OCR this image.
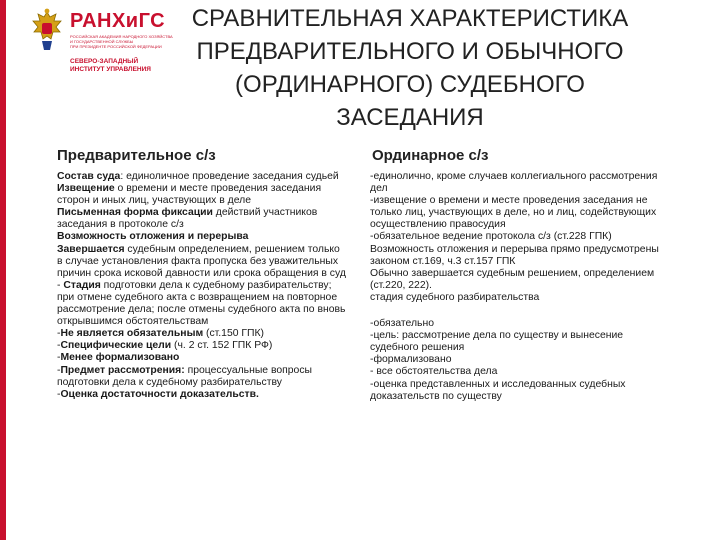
РАНХиГС
РОССИЙСКАЯ АКАДЕМИЯ НАРОДНОГО ХОЗЯЙСТВА
И ГОСУДАРСТВЕННОЙ СЛУЖБЫ
ПРИ ПРЕЗИДЕНТЕ РОССИЙСКОЙ ФЕДЕРАЦИИ
СЕВЕРО-ЗАПАДНЫЙ
ИНСТИТУТ УПРАВЛЕНИЯ
СРАВНИТЕЛЬНАЯ ХАРАКТЕРИСТИКА
ПРЕДВАРИТЕЛЬНОГО И ОБЫЧНОГО
(ОРДИНАРНОГО) СУДЕБНОГО
ЗАСЕДАНИЯ
Предварительное с/з	Ординарное с/з
Состав суда: единоличное проведение заседания судьей
Извещение о времени и месте проведения заседания сторон и иных лиц, участвующих в деле
Письменная форма фиксации действий участников заседания в протоколе с/з
Возможность отложения и перерыва
Завершается судебным определением, решением только в случае установления факта пропуска без уважительных причин срока исковой давности или срока обращения в суд
- Стадия подготовки дела к судебному разбирательству; при отмене судебного акта с возвращением на повторное рассмотрение дела; после отмены судебного акта по вновь открывшимся обстоятельствам
-Не является обязательным (ст.150 ГПК)
-Специфические цели (ч. 2 ст. 152 ГПК РФ)
-Менее формализовано
-Предмет рассмотрения: процессуальные вопросы подготовки дела к судебному разбирательству
-Оценка достаточности доказательств.
-единолично, кроме случаев коллегиального рассмотрения дел
-извещение о времени и месте проведения заседания не только лиц, участвующих в деле, но и лиц, содействующих осуществлению правосудия
-обязательное ведение протокола с/з (ст.228 ГПК)
Возможность отложения и перерыва прямо предусмотрены законом ст.169, ч.3 ст.157 ГПК
Обычно завершается судебным решением, определением (ст.220, 222).
стадия судебного разбирательства
-обязательно
-цель: рассмотрение дела по существу и вынесение судебного решения
-формализовано
- все обстоятельства дела
-оценка представленных и исследованных судебных доказательств по существу
